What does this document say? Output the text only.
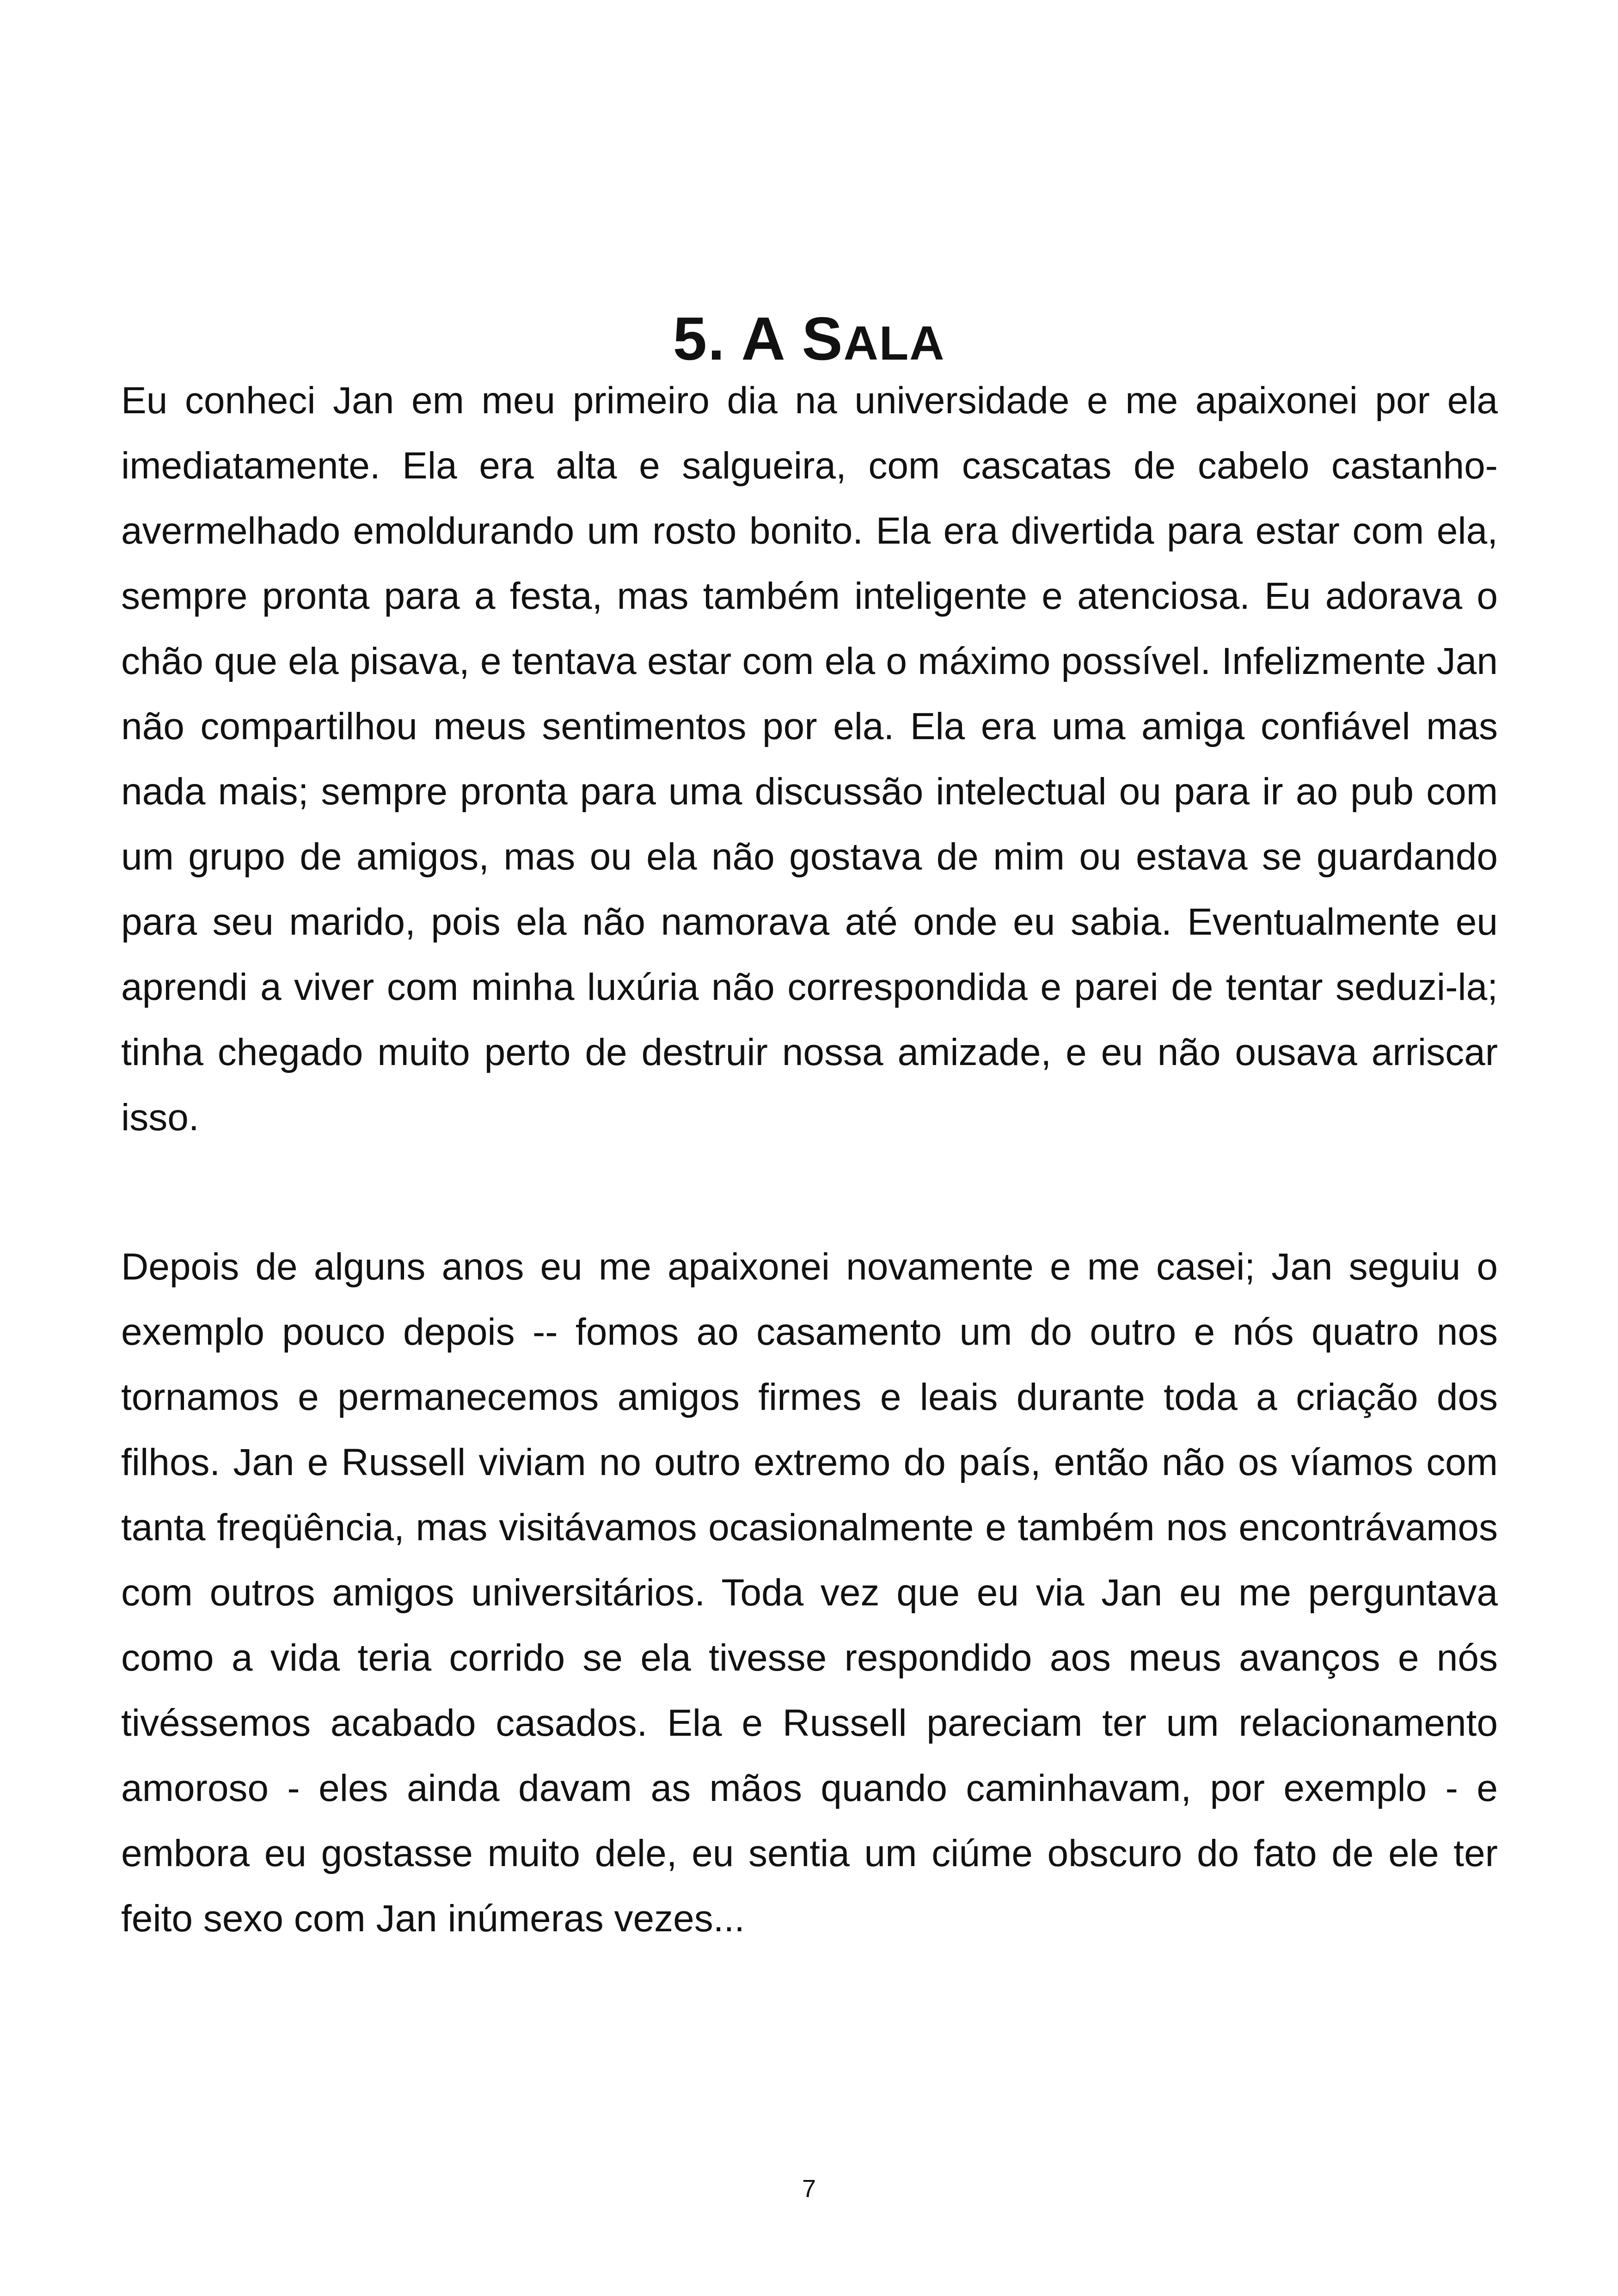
5. A SALA

Eu conheci Jan em meu primeiro dia na universidade e me apaixonei por ela imediatamente. Ela era alta e salgueira, com cascatas de cabelo castanho-avermelhado emoldurando um rosto bonito. Ela era divertida para estar com ela, sempre pronta para a festa, mas também inteligente e atenciosa. Eu adorava o chão que ela pisava, e tentava estar com ela o máximo possível. Infelizmente Jan não compartilhou meus sentimentos por ela. Ela era uma amiga confiável mas nada mais; sempre pronta para uma discussão intelectual ou para ir ao pub com um grupo de amigos, mas ou ela não gostava de mim ou estava se guardando para seu marido, pois ela não namorava até onde eu sabia. Eventualmente eu aprendi a viver com minha luxúria não correspondida e parei de tentar seduzi-la; tinha chegado muito perto de destruir nossa amizade, e eu não ousava arriscar isso.

Depois de alguns anos eu me apaixonei novamente e me casei; Jan seguiu o exemplo pouco depois -- fomos ao casamento um do outro e nós quatro nos tornamos e permanecemos amigos firmes e leais durante toda a criação dos filhos. Jan e Russell viviam no outro extremo do país, então não os víamos com tanta freqüência, mas visitávamos ocasionalmente e também nos encontrávamos com outros amigos universitários. Toda vez que eu via Jan eu me perguntava como a vida teria corrido se ela tivesse respondido aos meus avanços e nós tivéssemos acabado casados. Ela e Russell pareciam ter um relacionamento amoroso - eles ainda davam as mãos quando caminhavam, por exemplo - e embora eu gostasse muito dele, eu sentia um ciúme obscuro do fato de ele ter feito sexo com Jan inúmeras vezes...

7
